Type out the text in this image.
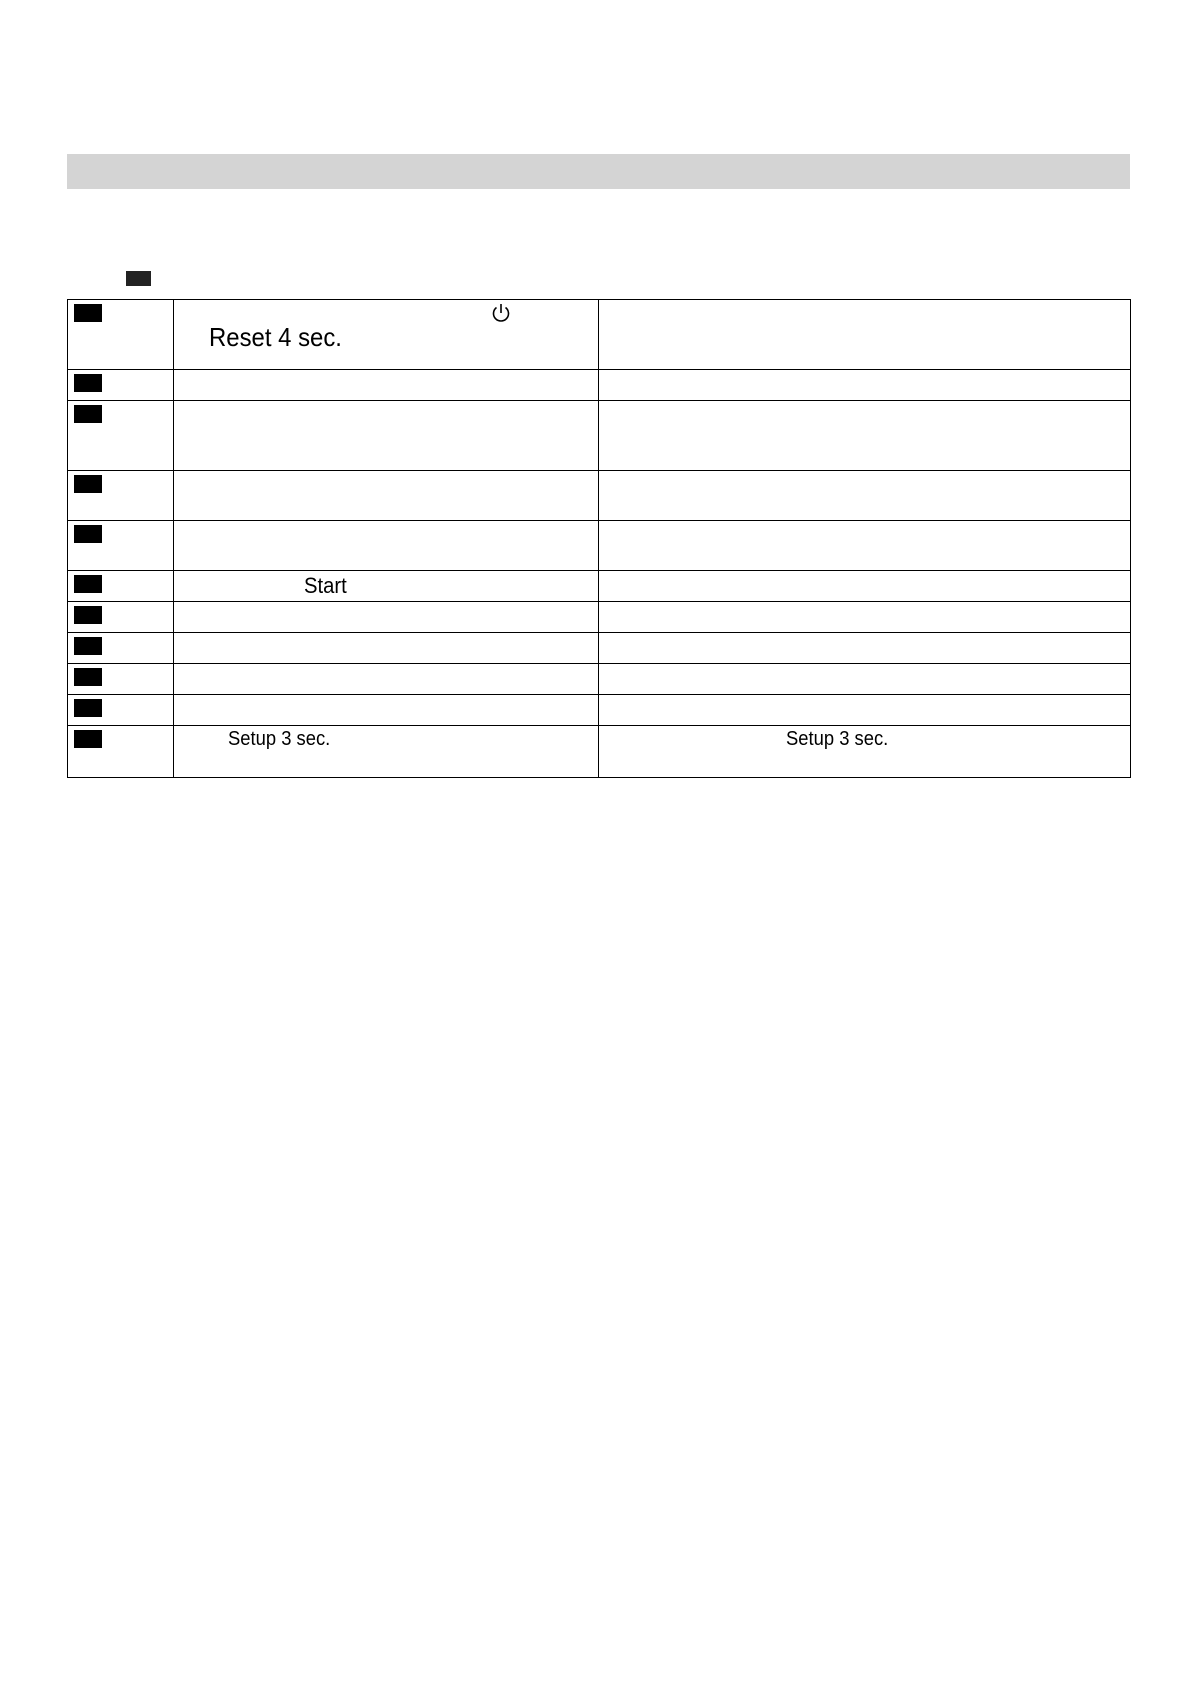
	Reset 4 sec.	

	Start	

	Setup 3 sec.	Setup 3 sec.
